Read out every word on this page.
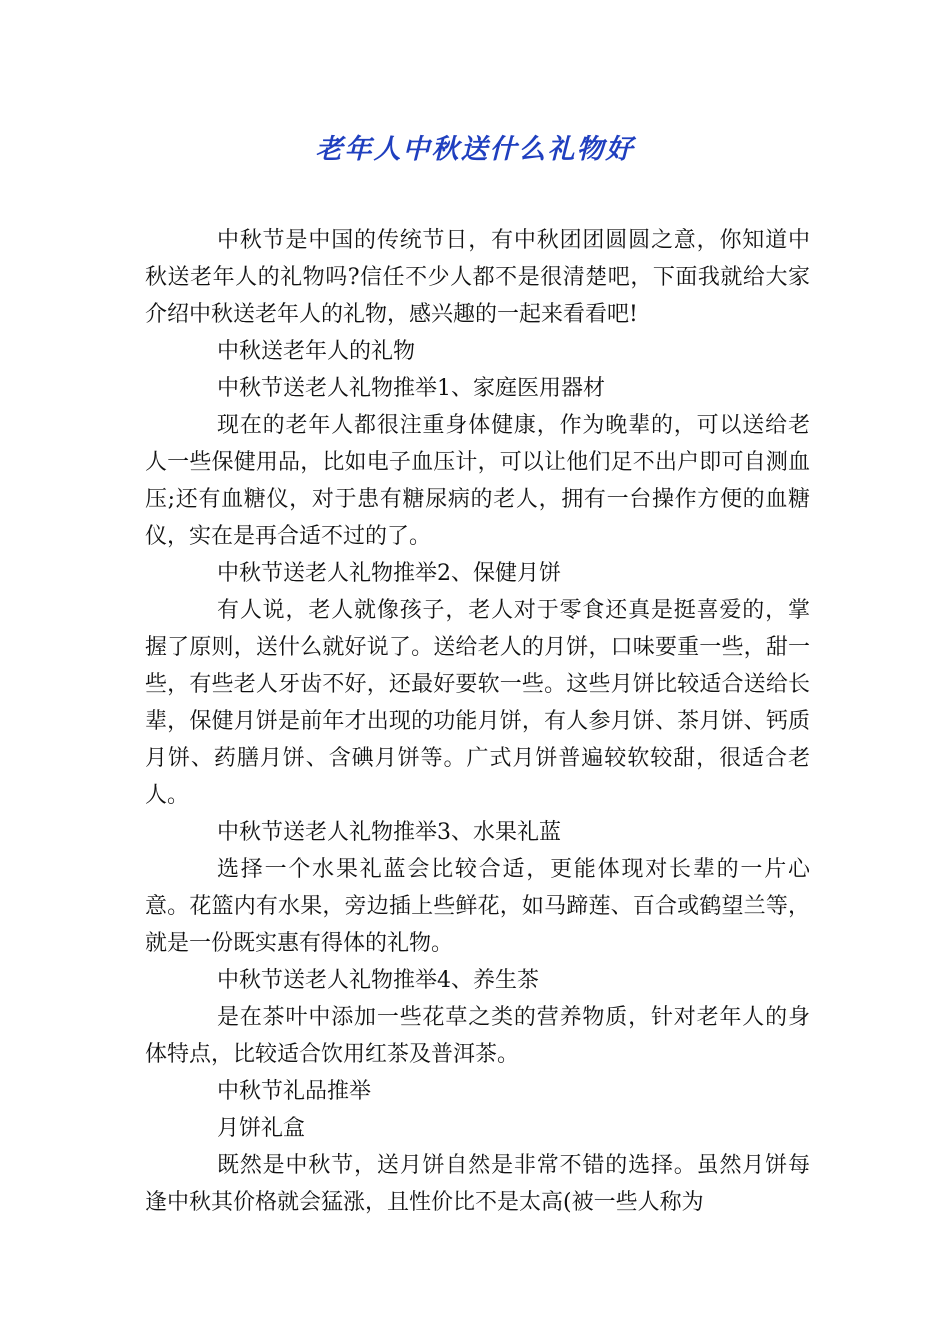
老年人中秋送什么礼物好

中秋节是中国的传统节日，有中秋团团圆圆之意，你知道中秋送老年人的礼物吗?信任不少人都不是很清楚吧，下面我就给大家介绍中秋送老年人的礼物，感兴趣的一起来看看吧!

中秋送老年人的礼物

中秋节送老人礼物推举1、家庭医用器材

现在的老年人都很注重身体健康，作为晚辈的，可以送给老人一些保健用品，比如电子血压计，可以让他们足不出户即可自测血压;还有血糖仪，对于患有糖尿病的老人，拥有一台操作方便的血糖仪，实在是再合适不过的了。

中秋节送老人礼物推举2、保健月饼

有人说，老人就像孩子，老人对于零食还真是挺喜爱的，掌握了原则，送什么就好说了。送给老人的月饼，口味要重一些，甜一些，有些老人牙齿不好，还最好要软一些。这些月饼比较适合送给长辈，保健月饼是前年才出现的功能月饼，有人参月饼、茶月饼、钙质月饼、药膳月饼、含碘月饼等。广式月饼普遍较软较甜，很适合老人。

中秋节送老人礼物推举3、水果礼蓝

选择一个水果礼蓝会比较合适，更能体现对长辈的一片心意。花篮内有水果，旁边插上些鲜花，如马蹄莲、百合或鹤望兰等，就是一份既实惠有得体的礼物。

中秋节送老人礼物推举4、养生茶

是在茶叶中添加一些花草之类的营养物质，针对老年人的身体特点，比较适合饮用红茶及普洱茶。

中秋节礼品推举

月饼礼盒

既然是中秋节，送月饼自然是非常不错的选择。虽然月饼每逢中秋其价格就会猛涨，且性价比不是太高(被一些人称为
